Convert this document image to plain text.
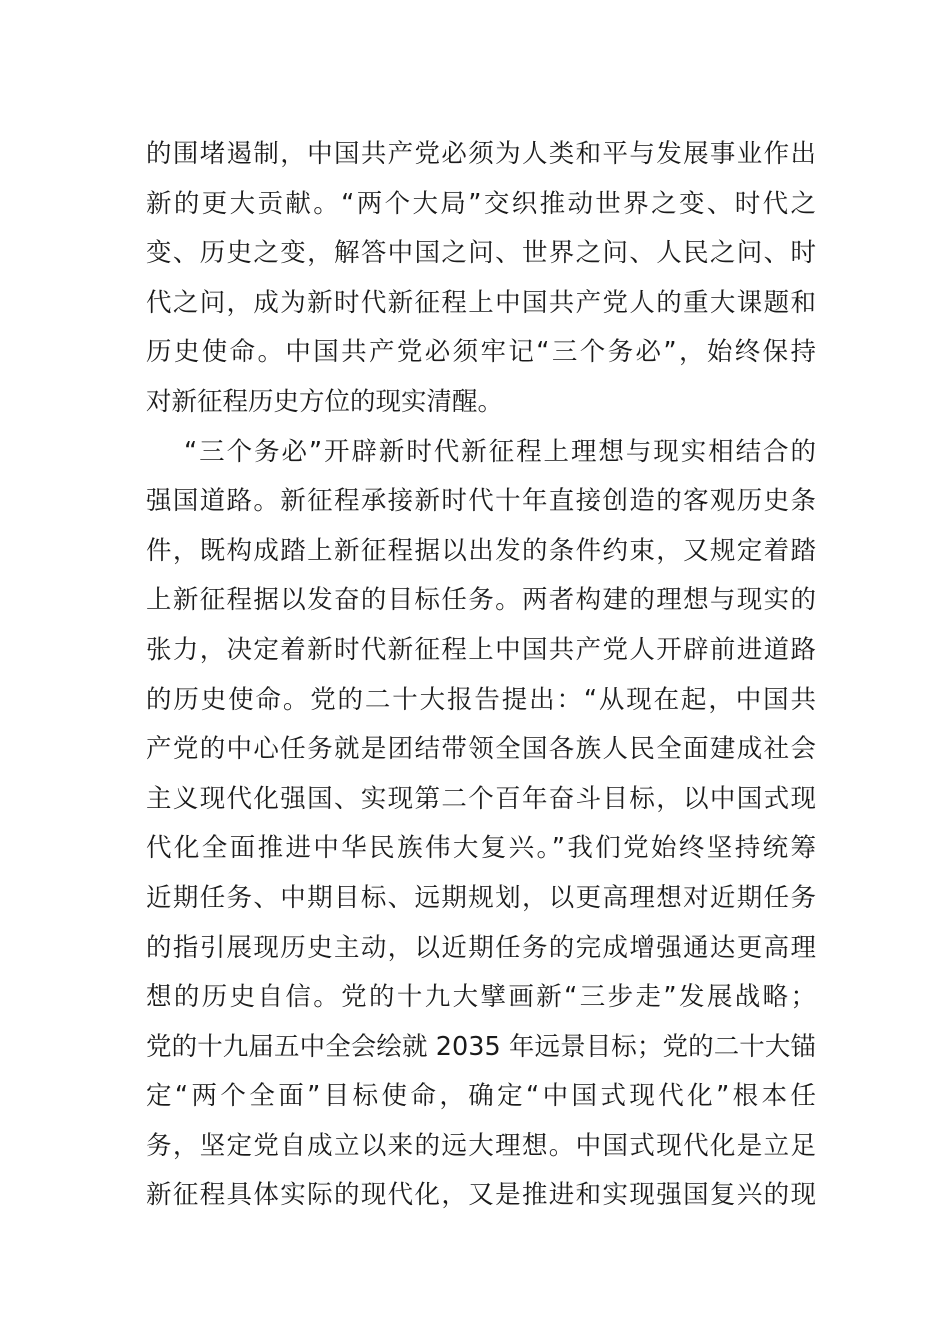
的围堵遏制，中国共产党必须为人类和平与发展事业作出
新的更大贡献。“两个大局”交织推动世界之变、时代之
变、历史之变，解答中国之问、世界之问、人民之问、时
代之问，成为新时代新征程上中国共产党人的重大课题和
历史使命。中国共产党必须牢记“三个务必”，始终保持
对新征程历史方位的现实清醒。
“三个务必”开辟新时代新征程上理想与现实相结合的
强国道路。新征程承接新时代十年直接创造的客观历史条
件，既构成踏上新征程据以出发的条件约束，又规定着踏
上新征程据以发奋的目标任务。两者构建的理想与现实的
张力，决定着新时代新征程上中国共产党人开辟前进道路
的历史使命。党的二十大报告提出：“从现在起，中国共
产党的中心任务就是团结带领全国各族人民全面建成社会
主义现代化强国、实现第二个百年奋斗目标，以中国式现
代化全面推进中华民族伟大复兴。”我们党始终坚持统筹
近期任务、中期目标、远期规划，以更高理想对近期任务
的指引展现历史主动，以近期任务的完成增强通达更高理
想的历史自信。党的十九大擘画新“三步走”发展战略；
党的十九届五中全会绘就 2035 年远景目标；党的二十大锚
定“两个全面”目标使命，确定“中国式现代化”根本任
务，坚定党自成立以来的远大理想。中国式现代化是立足
新征程具体实际的现代化，又是推进和实现强国复兴的现
